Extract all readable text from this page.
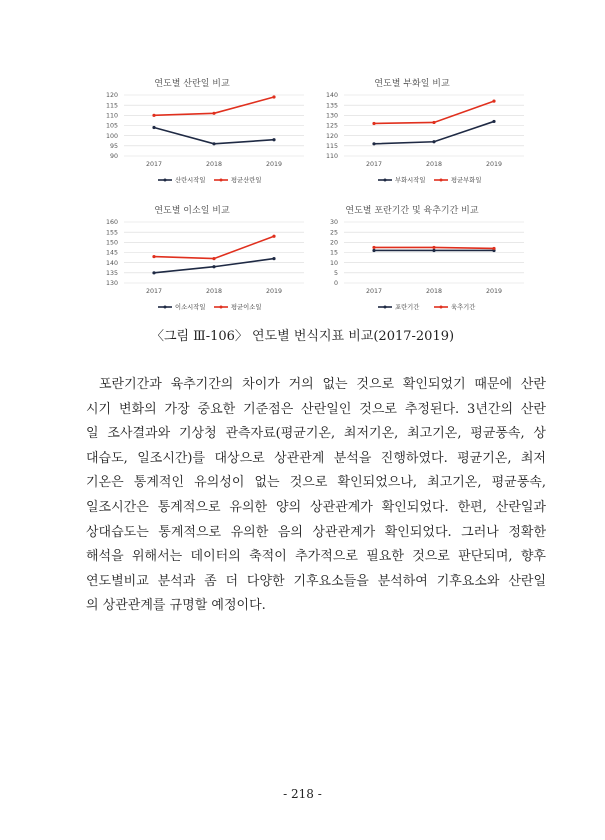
연도별 산란일 비교
90
95
100
105
110
115
120
2017	2018	2019
산란시작일	평균산란일
연도별 부화일 비교
110
115
120
125
130
135
140
2017	2018	2019
부화시작일	평균부화일
연도별 이소일 비교
130
135
140
145
150
155
160
2017	2018	2019
이소시작일	평균이소일
연도별 포란기간 및 육추기간 비교
0
5
10
15
20
25
30
2017	2018	2019
포란기간	육추기간
〈그림 Ⅲ-106〉 연도별 번식지표 비교(2017-2019)
포란기간과 육추기간의 차이가 거의 없는 것으로 확인되었기 때문에 산란
시기 변화의 가장 중요한 기준점은 산란일인 것으로 추정된다. 3년간의 산란
일 조사결과와 기상청 관측자료(평균기온, 최저기온, 최고기온, 평균풍속, 상
대습도, 일조시간)를 대상으로 상관관계 분석을 진행하였다. 평균기온, 최저
기온은 통계적인 유의성이 없는 것으로 확인되었으나, 최고기온, 평균풍속,
일조시간은 통계적으로 유의한 양의 상관관계가 확인되었다. 한편, 산란일과
상대습도는 통계적으로 유의한 음의 상관관계가 확인되었다. 그러나 정확한
해석을 위해서는 데이터의 축적이 추가적으로 필요한 것으로 판단되며, 향후
연도별비교 분석과 좀 더 다양한 기후요소들을 분석하여 기후요소와 산란일
의 상관관계를 규명할 예정이다.
- 218 -
